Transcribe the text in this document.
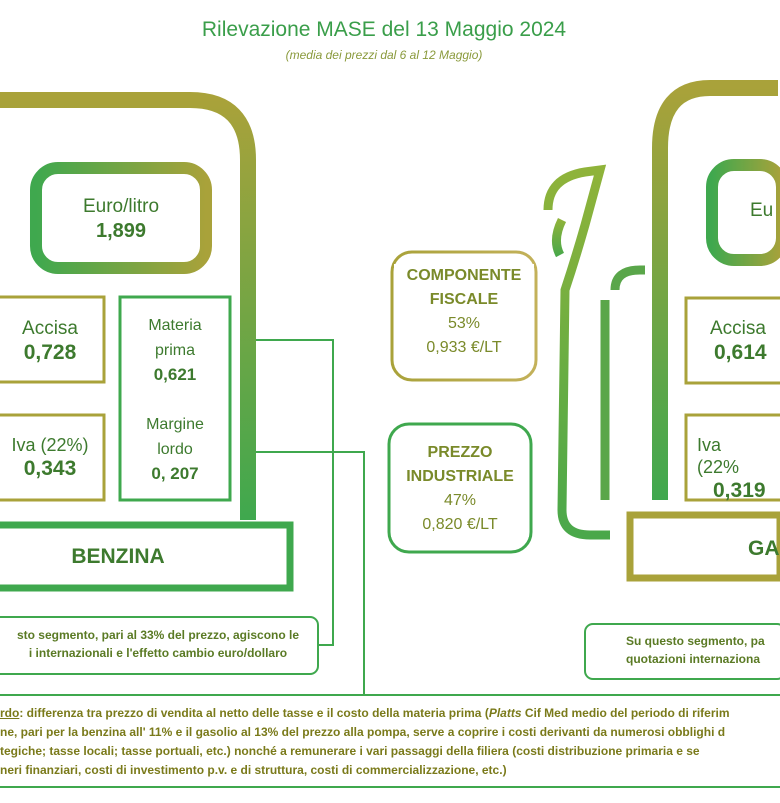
Rilevazione MASE del 13 Maggio 2024
(media dei prezzi dal 6 al 12 Maggio)
Euro/litro
1,899
Accisa
0,728
Iva (22%)
0,343
Materia
prima
0,621
Margine
lordo
0, 207
BENZINA
sto segmento, pari al 33% del prezzo, agiscono le
i internazionali e l'effetto cambio euro/dollaro
COMPONENTE
FISCALE
53%
0,933 €/LT
PREZZO
INDUSTRIALE
47%
0,820 €/LT
Eu
Accisa
0,614
Iva (22%
0,319
GA
Su questo segmento, pa
quotazioni internaziona
rdo: differenza tra prezzo di vendita al netto delle tasse e il costo della materia prima (Platts Cif Med medio del periodo di riferim
ne, pari per la benzina all' 11% e il gasolio al 13% del prezzo alla pompa, serve a coprire i costi derivanti da numerosi obblighi d
tegiche; tasse locali; tasse portuali, etc.) nonché a remunerare i vari passaggi della filiera (costi distribuzione primaria e se
neri finanziari, costi di investimento p.v. e di struttura, costi di commercializzazione, etc.)
